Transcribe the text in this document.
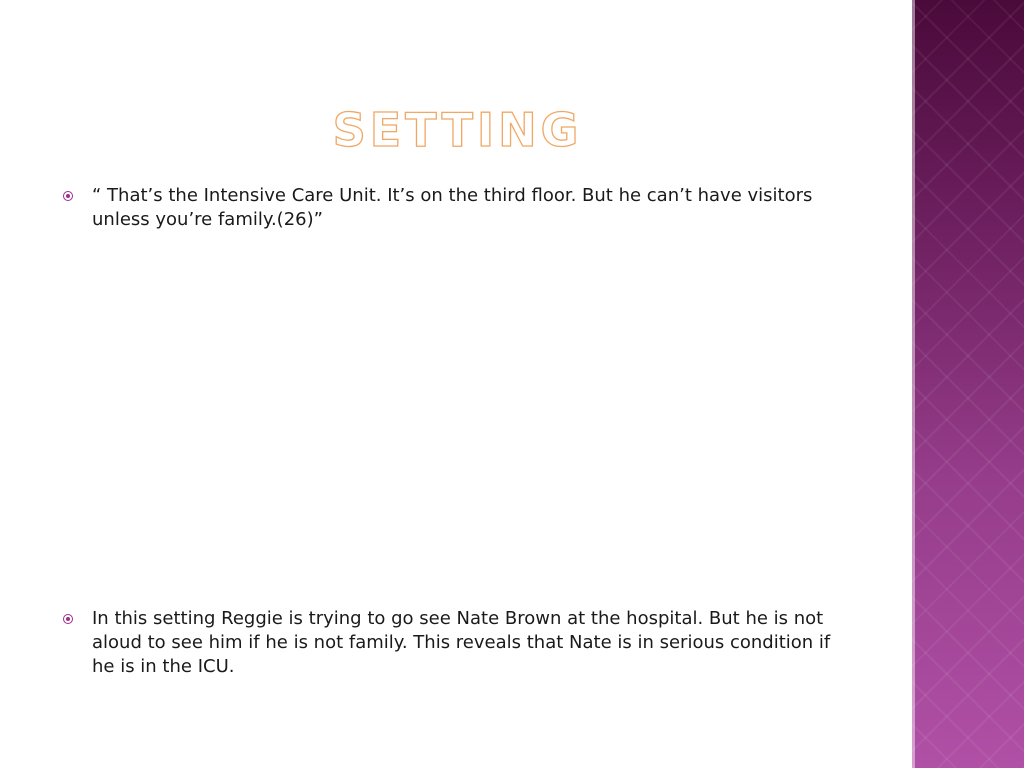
SETTING
“ That’s the Intensive Care Unit. It’s on the third floor. But he can’t have visitors unless you’re family.(26)”
In this setting Reggie is trying to go see Nate Brown at the hospital. But he is not aloud to see him if he is not family. This reveals that Nate is in serious condition if he is in the ICU.
